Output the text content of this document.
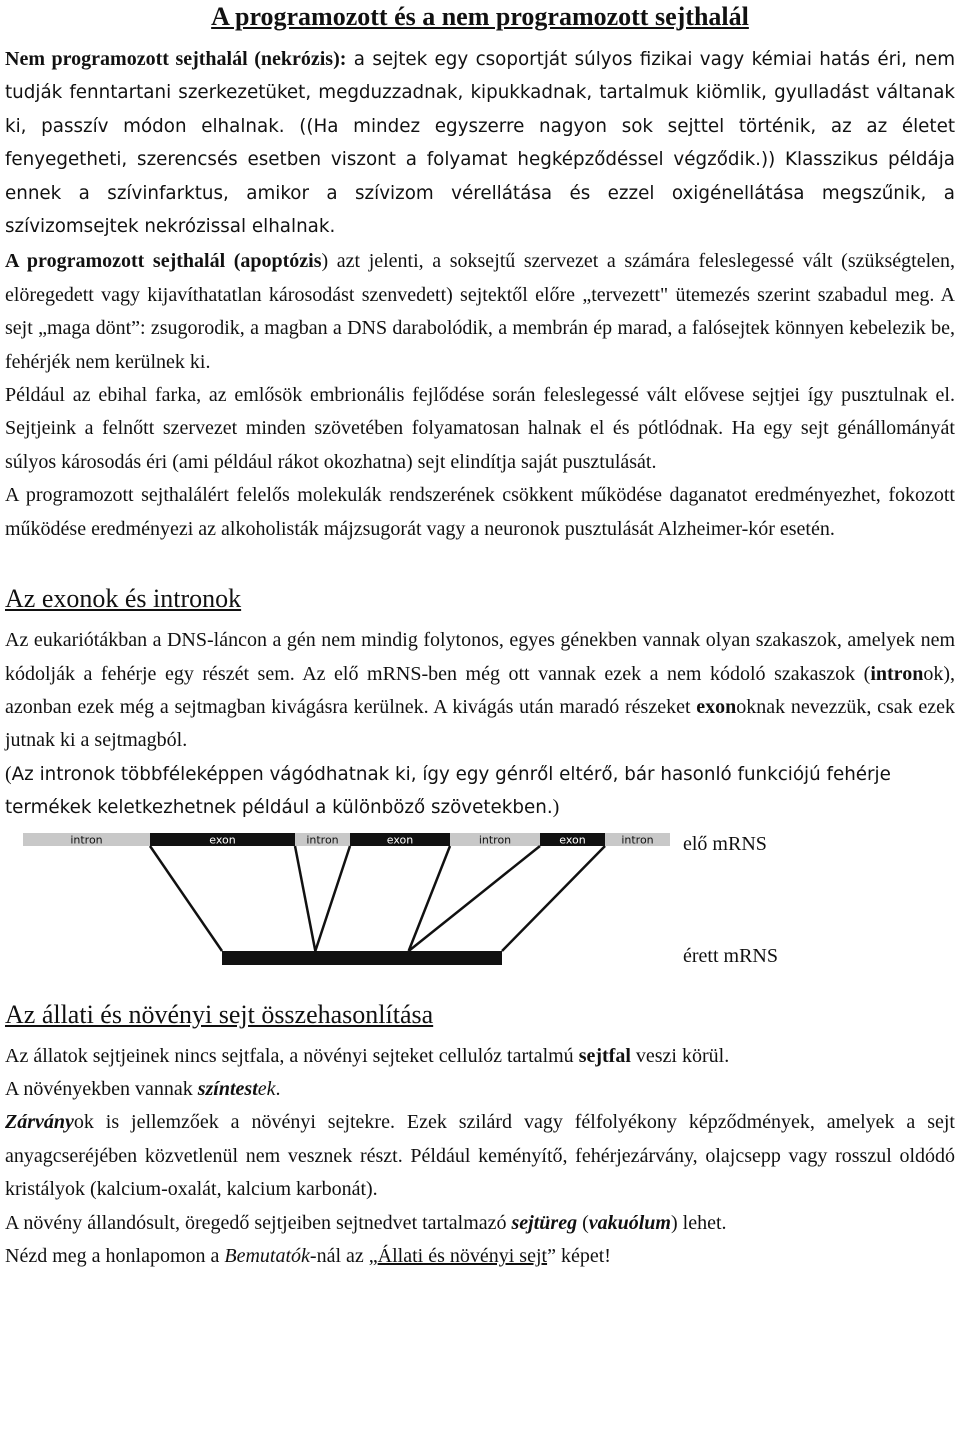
A programozott és a nem programozott sejthalál

Nem programozott sejthalál (nekrózis): a sejtek egy csoportját súlyos fizikai vagy kémiai hatás éri, nem tudják fenntartani szerkezetüket, megduzzadnak, kipukkadnak, tartalmuk kiömlik, gyulladást váltanak ki, passzív módon elhalnak. ((Ha mindez egyszerre nagyon sok sejttel történik, az az életet fenyegetheti, szerencsés esetben viszont a folyamat hegképződéssel végződik.)) Klasszikus példája ennek a szívinfarktus, amikor a szívizom vérellátása és ezzel oxigénellátása megszűnik, a szívizomsejtek nekrózissal elhalnak.

A programozott sejthalál (apoptózis) azt jelenti, a soksejtű szervezet a számára feleslegessé vált (szükségtelen, elöregedett vagy kijavíthatatlan károsodást szenvedett) sejtektől előre „tervezett" ütemezés szerint szabadul meg. A sejt „maga dönt”: zsugorodik, a magban a DNS darabolódik, a membrán ép marad, a falósejtek könnyen kebelezik be, fehérjék nem kerülnek ki.

Például az ebihal farka, az emlősök embrionális fejlődése során feleslegessé vált elővese sejtjei így pusztulnak el. Sejtjeink a felnőtt szervezet minden szövetében folyamatosan halnak el és pótlódnak. Ha egy sejt génállományát súlyos károsodás éri (ami például rákot okozhatna) sejt elindítja saját pusztulását.

A programozott sejthalálért felelős molekulák rendszerének csökkent működése daganatot eredményezhet, fokozott működése eredményezi az alkoholisták májzsugorát vagy a neuronok pusztulását Alzheimer-kór esetén.

Az exonok és intronok

Az eukariótákban a DNS-láncon a gén nem mindig folytonos, egyes génekben vannak olyan szakaszok, amelyek nem kódolják a fehérje egy részét sem. Az elő mRNS-ben még ott vannak ezek a nem kódoló szakaszok (intronok), azonban ezek még a sejtmagban kivágásra kerülnek. A kivágás után maradó részeket exonoknak nevezzük, csak ezek jutnak ki a sejtmagból.

(Az intronok többféleképpen vágódhatnak ki, így egy génről eltérő, bár hasonló funkciójú fehérje termékek keletkezhetnek például a különböző szövetekben.)

intron	exon	intron	exon	intron	exon	intron elő mRNS
érett mRNS
Az állati és növényi sejt összehasonlítása

Az állatok sejtjeinek nincs sejtfala, a növényi sejteket cellulóz tartalmú sejtfal veszi körül.

A növényekben vannak színtestek.

Zárványok is jellemzőek a növényi sejtekre. Ezek szilárd vagy félfolyékony képződmények, amelyek a sejt anyagcseréjében közvetlenül nem vesznek részt. Például keményítő, fehérjezárvány, olajcsepp vagy rosszul oldódó kristályok (kalcium-oxalát, kalcium karbonát).

A növény állandósult, öregedő sejtjeiben sejtnedvet tartalmazó sejtüreg (vakuólum) lehet.

Nézd meg a honlapomon a Bemutatók-nál az „Állati és növényi sejt” képet!
